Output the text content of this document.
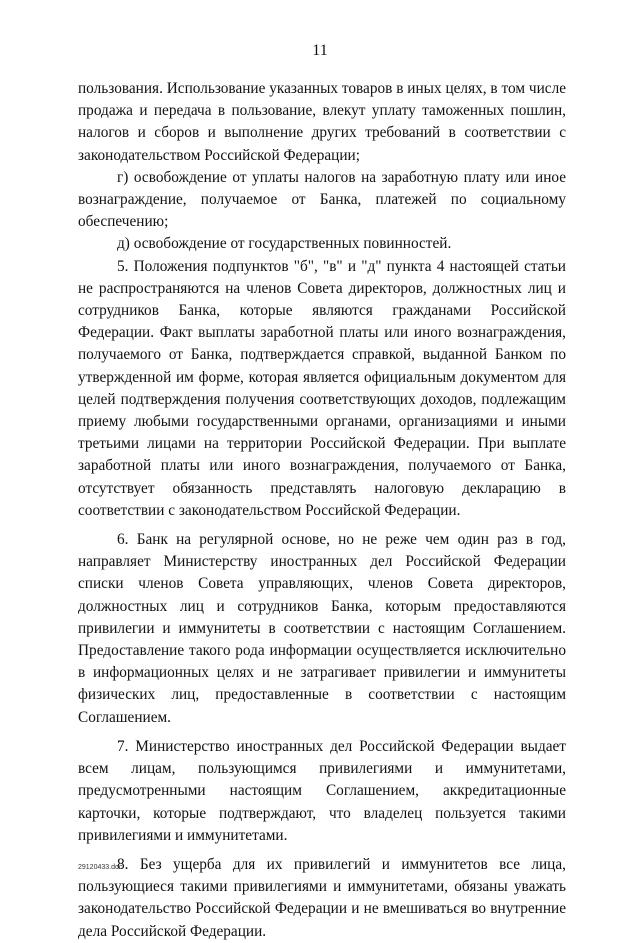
11

пользования. Использование указанных товаров в иных целях, в том числе продажа и передача в пользование, влекут уплату таможенных пошлин, налогов и сборов и выполнение других требований в соответствии с законодательством Российской Федерации;

г) освобождение от уплаты налогов на заработную плату или иное вознаграждение, получаемое от Банка, платежей по социальному обеспечению;

д) освобождение от государственных повинностей.

5. Положения подпунктов "б", "в" и "д" пункта 4 настоящей статьи не распространяются на членов Совета директоров, должностных лиц и сотрудников Банка, которые являются гражданами Российской Федерации. Факт выплаты заработной платы или иного вознаграждения, получаемого от Банка, подтверждается справкой, выданной Банком по утвержденной им форме, которая является официальным документом для целей подтверждения получения соответствующих доходов, подлежащим приему любыми государственными органами, организациями и иными третьими лицами на территории Российской Федерации. При выплате заработной платы или иного вознаграждения, получаемого от Банка, отсутствует обязанность представлять налоговую декларацию в соответствии с законодательством Российской Федерации.

6. Банк на регулярной основе, но не реже чем один раз в год, направляет Министерству иностранных дел Российской Федерации списки членов Совета управляющих, членов Совета директоров, должностных лиц и сотрудников Банка, которым предоставляются привилегии и иммунитеты в соответствии с настоящим Соглашением. Предоставление такого рода информации осуществляется исключительно в информационных целях и не затрагивает привилегии и иммунитеты физических лиц, предоставленные в соответствии с настоящим Соглашением.

7. Министерство иностранных дел Российской Федерации выдает всем лицам, пользующимся привилегиями и иммунитетами, предусмотренными настоящим Соглашением, аккредитационные карточки, которые подтверждают, что владелец пользуется такими привилегиями и иммунитетами.

8. Без ущерба для их привилегий и иммунитетов все лица, пользующиеся такими привилегиями и иммунитетами, обязаны уважать законодательство Российской Федерации и не вмешиваться во внутренние дела Российской Федерации.

29120433.doc
